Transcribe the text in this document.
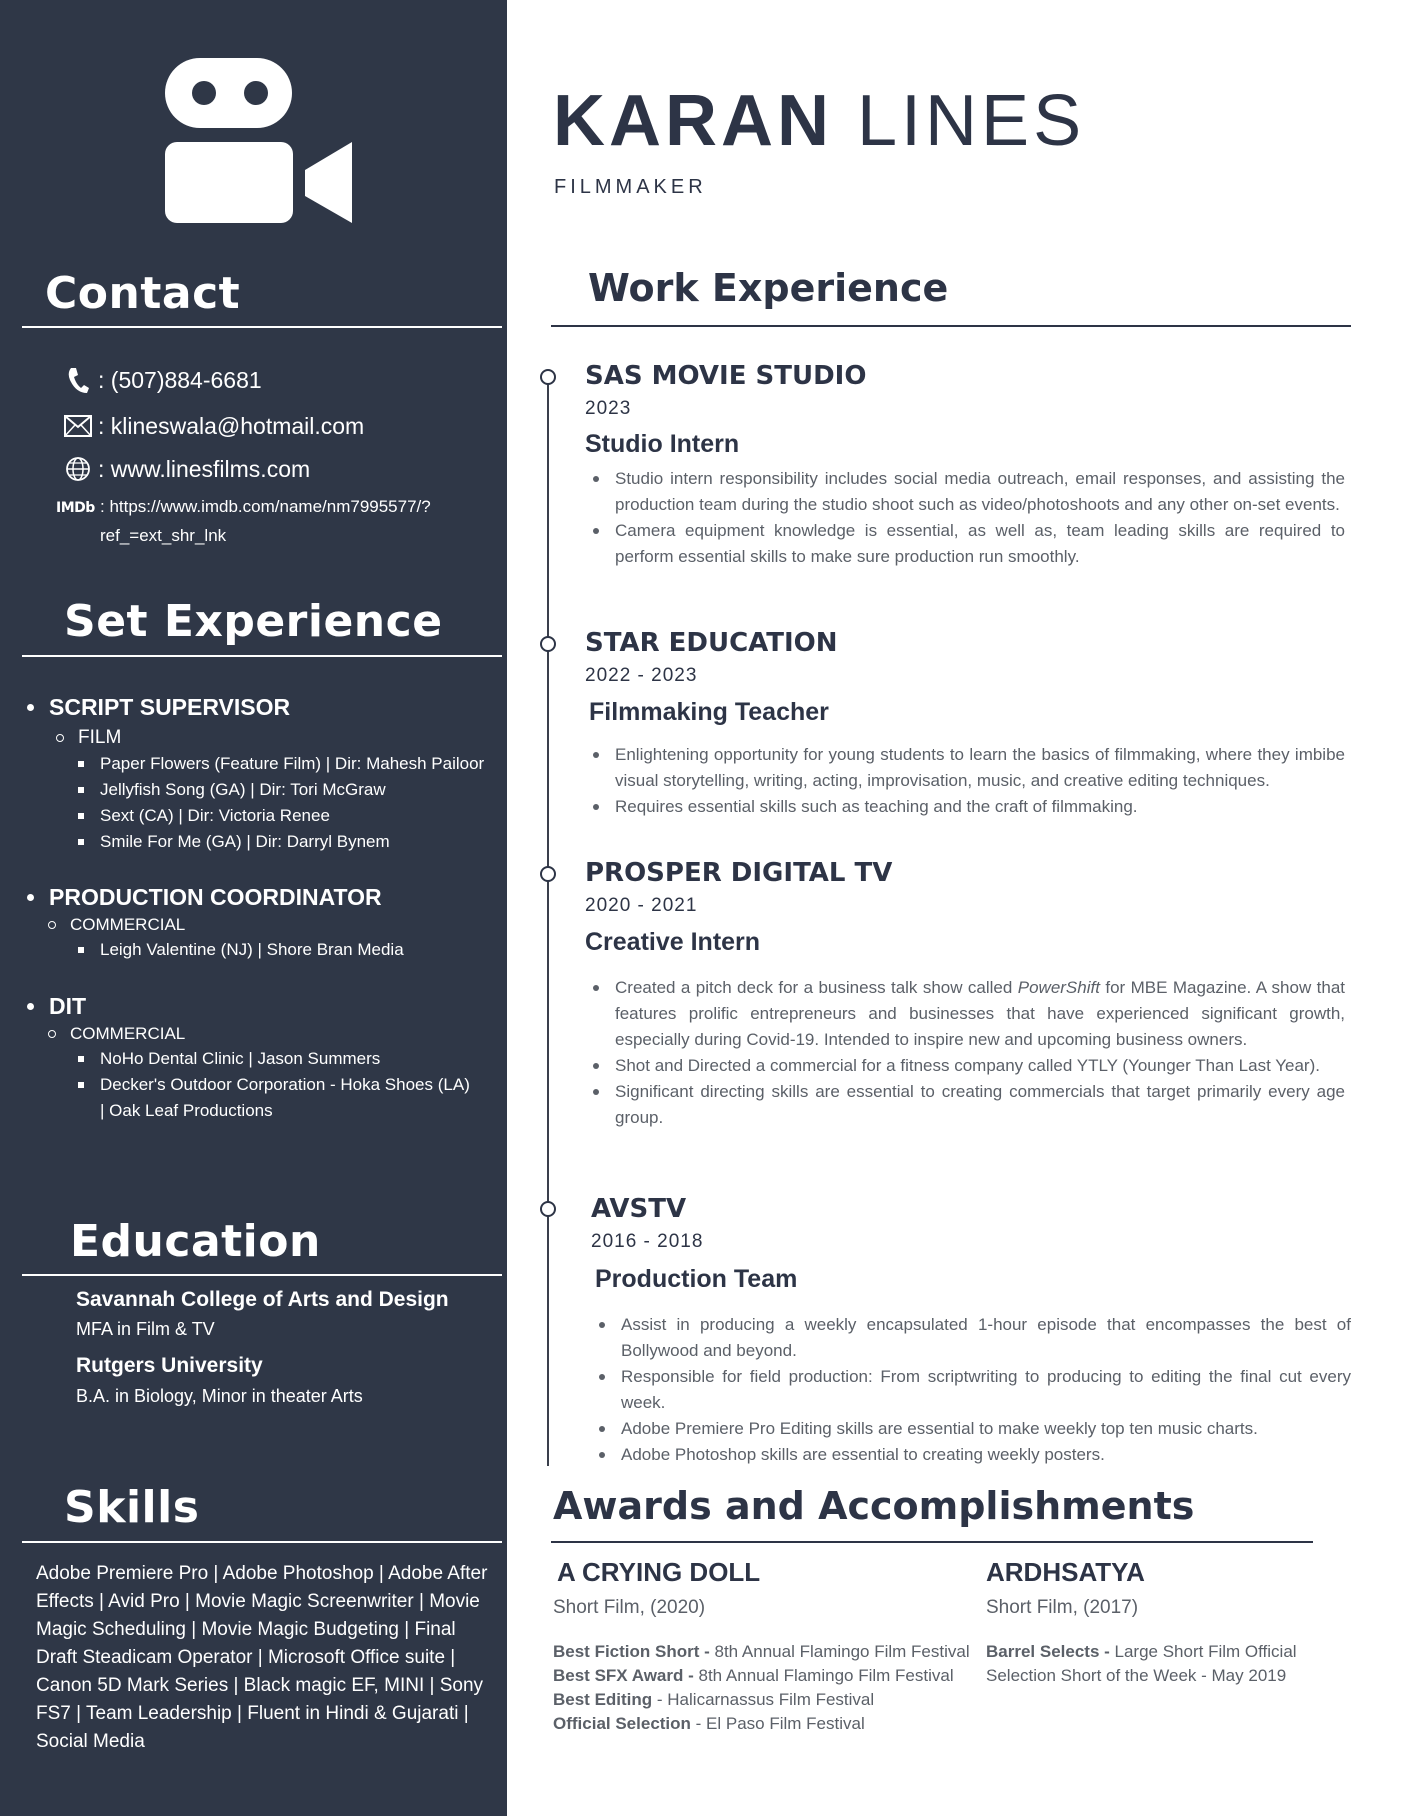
Contact
: (507)884-6681
: klineswala@hotmail.com
: www.linesfilms.com
IMDb : https://www.imdb.com/name/nm7995577/?
ref_=ext_shr_lnk
Set Experience
SCRIPT SUPERVISOR
FILM
Paper Flowers (Feature Film) | Dir: Mahesh Pailoor
Jellyfish Song (GA) | Dir: Tori McGraw
Sext (CA) | Dir: Victoria Renee
Smile For Me (GA) | Dir: Darryl Bynem
PRODUCTION COORDINATOR
COMMERCIAL
Leigh Valentine (NJ) | Shore Bran Media
DIT
COMMERCIAL
NoHo Dental Clinic | Jason Summers
Decker's Outdoor Corporation - Hoka Shoes (LA) | Oak Leaf Productions
Education
Savannah College of Arts and Design
MFA in Film & TV
Rutgers University
B.A. in Biology, Minor in theater Arts
Skills
Adobe Premiere Pro | Adobe Photoshop | Adobe After Effects | Avid Pro | Movie Magic Screenwriter | Movie Magic Scheduling | Movie Magic Budgeting | Final Draft Steadicam Operator | Microsoft Office suite | Canon 5D Mark Series | Black magic EF, MINI | Sony FS7 | Team Leadership | Fluent in Hindi & Gujarati | Social Media
KARAN LINES
FILMMAKER
Work Experience
SAS MOVIE STUDIO
2023
Studio Intern
Studio intern responsibility includes social media outreach, email responses, and assisting the production team during the studio shoot such as video/photoshoots and any other on-set events.
Camera equipment knowledge is essential, as well as, team leading skills are required to perform essential skills to make sure production run smoothly.
STAR EDUCATION
2022 - 2023
Filmmaking Teacher
Enlightening opportunity for young students to learn the basics of filmmaking, where they imbibe visual storytelling, writing, acting, improvisation, music, and creative editing techniques.
Requires essential skills such as teaching and the craft of filmmaking.
PROSPER DIGITAL TV
2020 - 2021
Creative Intern
Created a pitch deck for a business talk show called PowerShift for MBE Magazine. A show that features prolific entrepreneurs and businesses that have experienced significant growth, especially during Covid-19. Intended to inspire new and upcoming business owners.
Shot and Directed a commercial for a fitness company called YTLY (Younger Than Last Year).
Significant directing skills are essential to creating commercials that target primarily every age group.
AVSTV
2016 - 2018
Production Team
Assist in producing a weekly encapsulated 1-hour episode that encompasses the best of Bollywood and beyond.
Responsible for field production: From scriptwriting to producing to editing the final cut every week.
Adobe Premiere Pro Editing skills are essential to make weekly top ten music charts.
Adobe Photoshop skills are essential to creating weekly posters.
Awards and Accomplishments
A CRYING DOLL
Short Film, (2020)
Best Fiction Short - 8th Annual Flamingo Film Festival
Best SFX Award - 8th Annual Flamingo Film Festival
Best Editing - Halicarnassus Film Festival
Official Selection - El Paso Film Festival
ARDHSATYA
Short Film, (2017)
Barrel Selects - Large Short Film Official Selection Short of the Week - May 2019
